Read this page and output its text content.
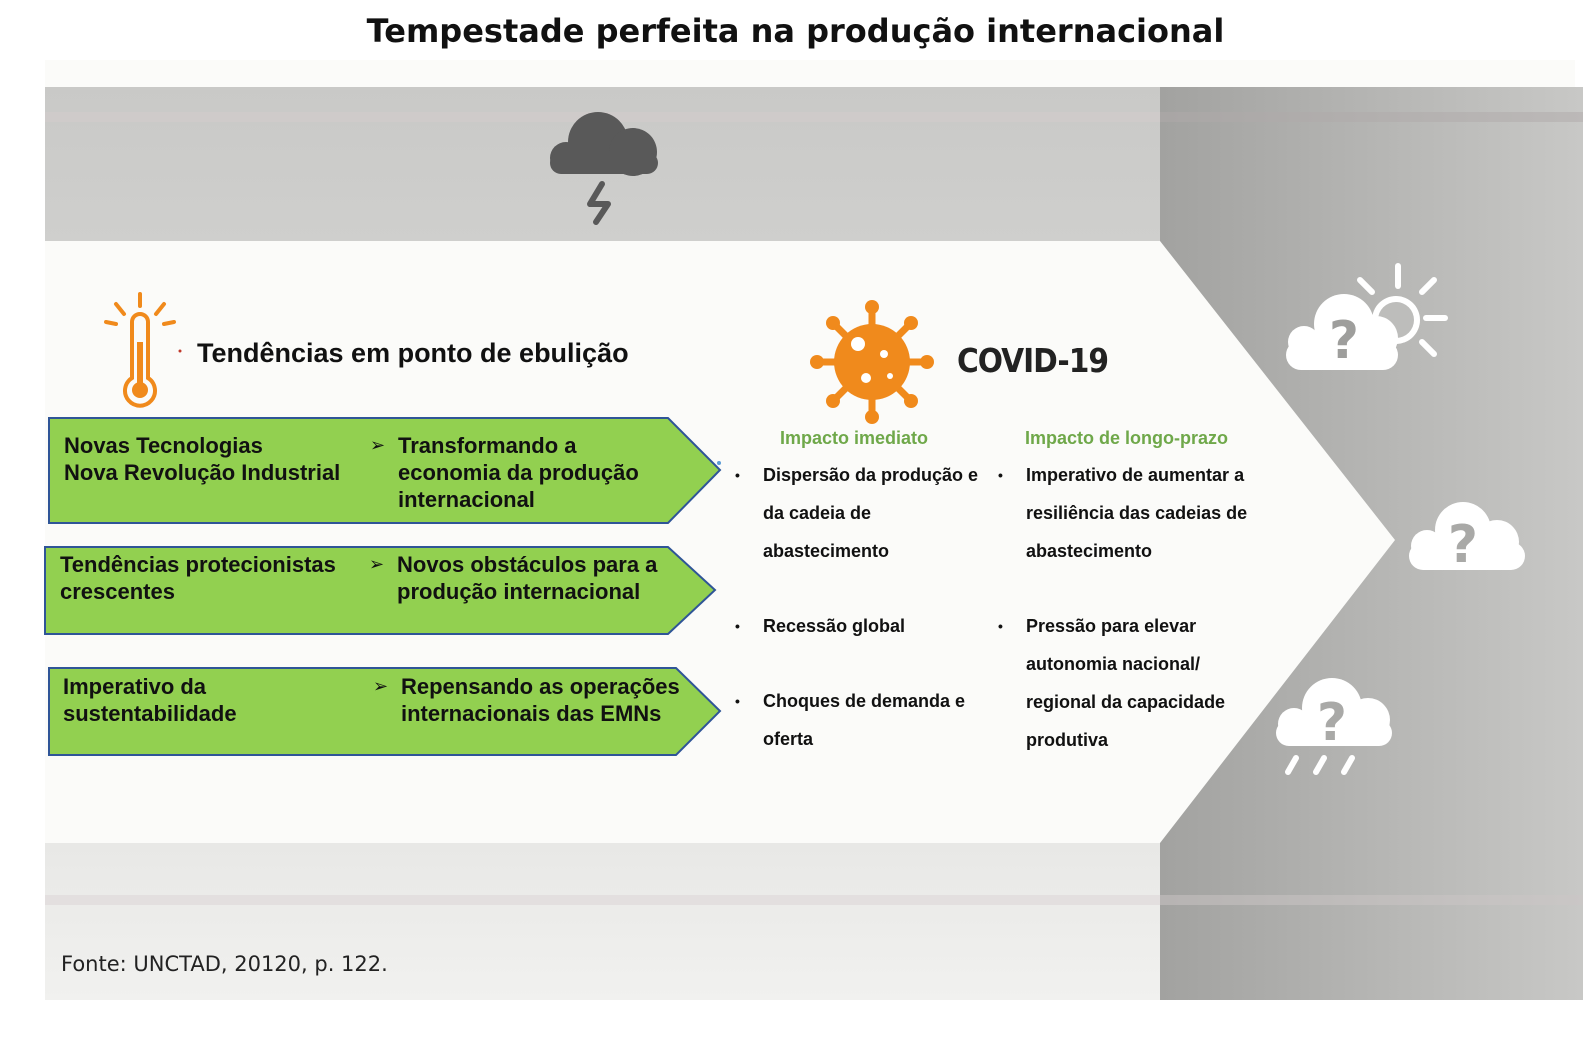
Tempestade perfeita na produção internacional
Tendências em ponto de ebulição	COVID-19
Novas Tecnologias
Nova Revolução Industrial
➢ Transformando a economia da produção internacional
Tendências protecionistas crescentes
➢ Novos obstáculos para a produção internacional
Imperativo da sustentabilidade
➢ Repensando as operações internacionais das EMNs
Impacto imediato	Impacto de longo-prazo
• Dispersão da produção e da cadeia de abastecimento
• Recessão global
• Choques de demanda e oferta
• Imperativo de aumentar a resiliência das cadeias de abastecimento
• Pressão para elevar autonomia nacional/ regional da capacidade produtiva
?
?
?
Fonte: UNCTAD, 20120, p. 122.
